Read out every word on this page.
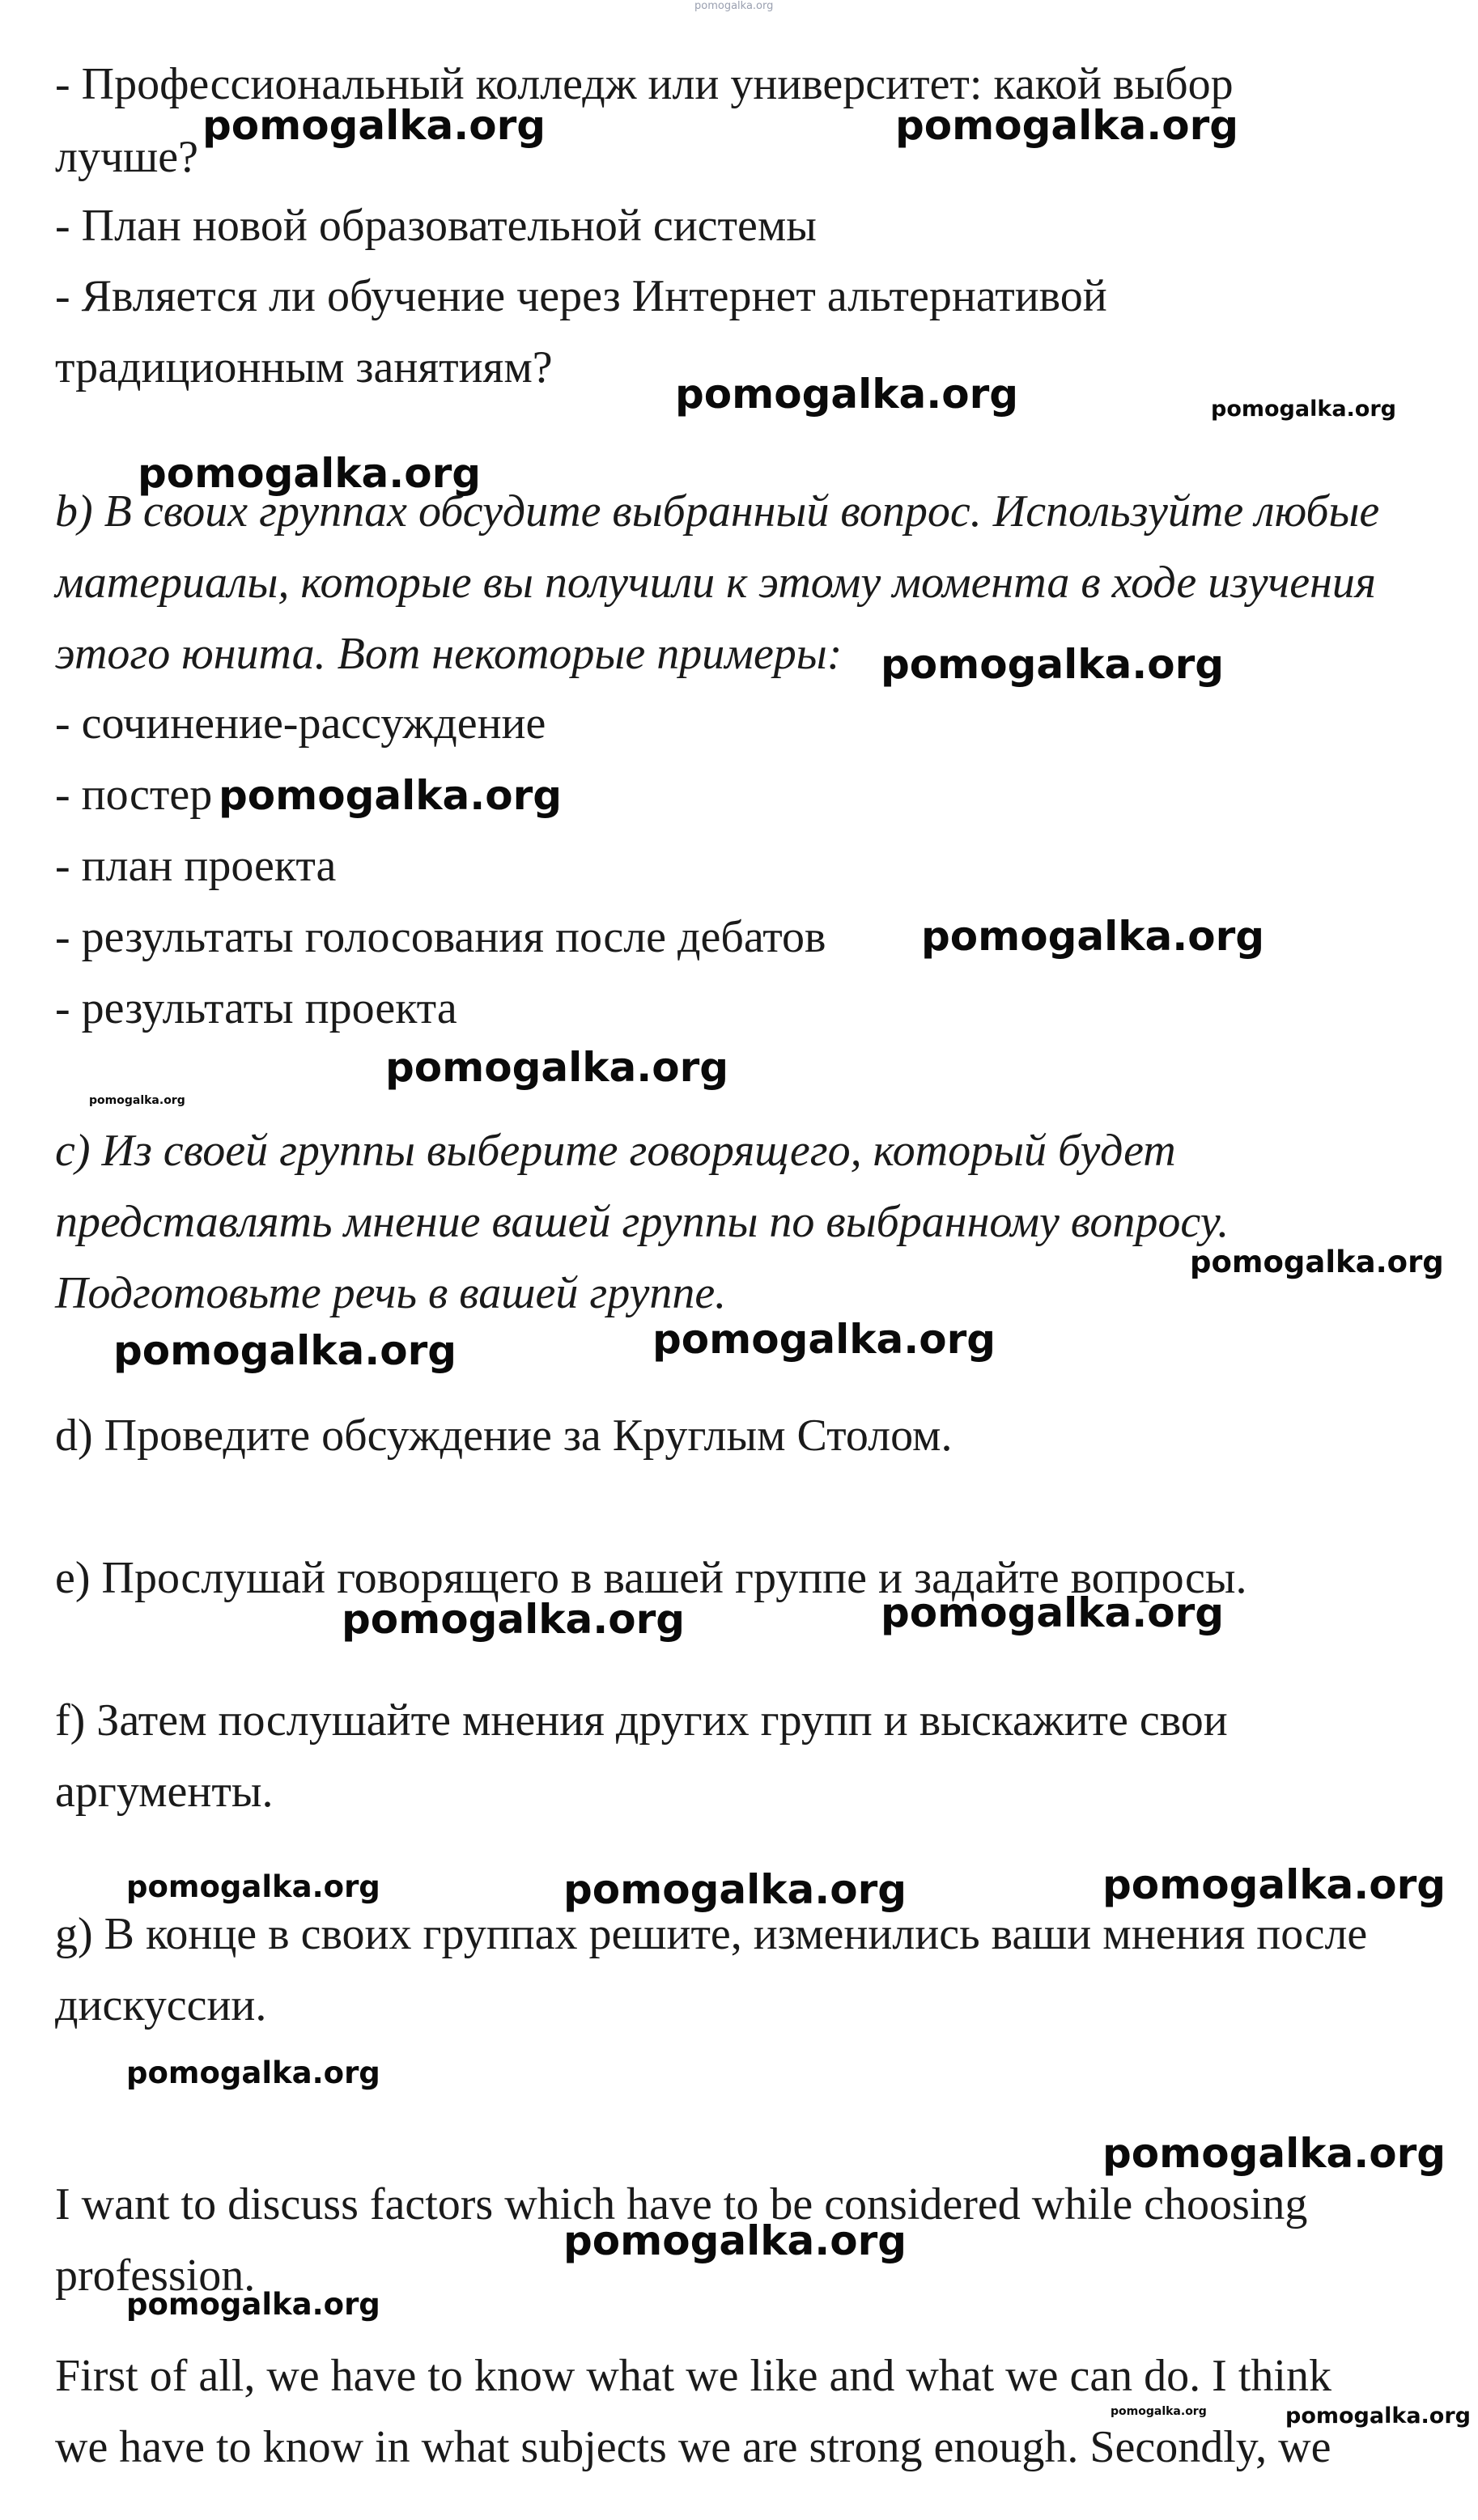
pomogalka.org
- Профессиональный колледж или университет: какой выбор
лучше?
- План новой образовательной системы
- Является ли обучение через Интернет альтернативой
традиционным занятиям?
b) В своих группах обсудите выбранный вопрос. Используйте любые
материалы, которые вы получили к этому момента в ходе изучения
этого юнита. Вот некоторые примеры:
- сочинение-рассуждение
- постер
- план проекта
- результаты голосования после дебатов
- результаты проекта
c) Из своей группы выберите говорящего, который будет
представлять мнение вашей группы по выбранному вопросу.
Подготовьте речь в вашей группе.
d) Проведите обсуждение за Круглым Столом.
e) Прослушай говорящего в вашей группе и задайте вопросы.
f) Затем послушайте мнения других групп и выскажите свои
аргументы.
g) В конце в своих группах решите, изменились ваши мнения после
дискуссии.
I want to discuss factors which have to be considered while choosing
profession.
First of all, we have to know what we like and what we can do. I think
we have to know in what subjects we are strong enough. Secondly, we
pomogalka.org	pomogalka.org
pomogalka.org	pomogalka.org
pomogalka.org
pomogalka.org
pomogalka.org
pomogalka.org
pomogalka.org
pomogalka.org
pomogalka.org
pomogalka.org
pomogalka.org
pomogalka.org
pomogalka.org
pomogalka.org	pomogalka.org
pomogalka.org
pomogalka.org
pomogalka.org
pomogalka.org
pomogalka.org
pomogalka.org	pomogalka.org
